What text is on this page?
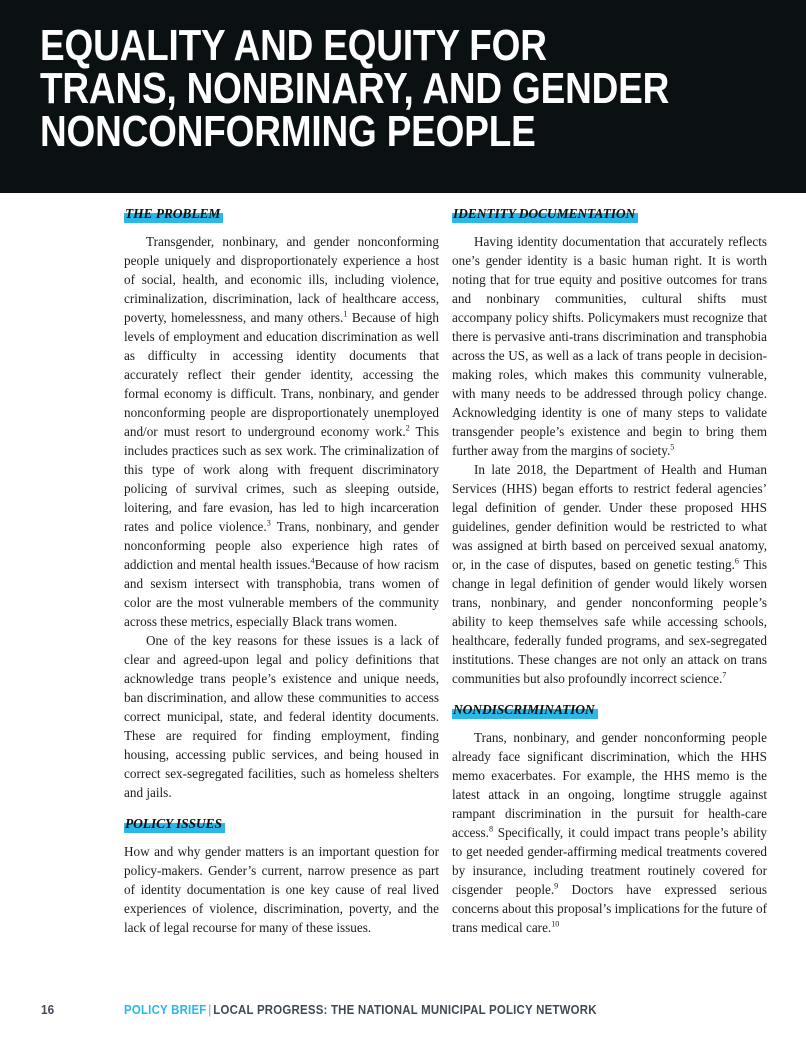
EQUALITY AND EQUITY FOR
TRANS, NONBINARY, AND GENDER
NONCONFORMING PEOPLE
THE PROBLEM

Transgender, nonbinary, and gender nonconforming people uniquely and disproportionately experience a host of social, health, and economic ills, including violence, criminalization, discrimination, lack of healthcare access, poverty, homelessness, and many others.$^1$ Because of high levels of employment and education discrimination as well as difficulty in accessing identity documents that accurately reflect their gender identity, accessing the formal economy is difficult. Trans, nonbinary, and gender nonconforming people are disproportionately unemployed and/or must resort to underground economy work.$^2$ This includes practices such as sex work. The criminalization of this type of work along with frequent discriminatory policing of survival crimes, such as sleeping outside, loitering, and fare evasion, has led to high incarceration rates and police violence.$^3$ Trans, nonbinary, and gender nonconforming people also experience high rates of addiction and mental health issues.$^4$Because of how racism and sexism intersect with transphobia, trans women of color are the most vulnerable members of the community across these metrics, especially Black trans women.

One of the key reasons for these issues is a lack of clear and agreed-upon legal and policy definitions that acknowledge trans people’s existence and unique needs, ban discrimination, and allow these communities to access correct municipal, state, and federal identity documents. These are required for finding employment, finding housing, accessing public services, and being housed in correct sex-segregated facilities, such as homeless shelters and jails.

POLICY ISSUES

How and why gender matters is an important question for policy-makers. Gender’s current, narrow presence as part of identity documentation is one key cause of real lived experiences of violence, discrimination, poverty, and the lack of legal recourse for many of these issues.

IDENTITY DOCUMENTATION

Having identity documentation that accurately reflects one’s gender identity is a basic human right. It is worth noting that for true equity and positive outcomes for trans and nonbinary communities, cultural shifts must accompany policy shifts. Policymakers must recognize that there is pervasive anti-trans discrimination and transphobia across the US, as well as a lack of trans people in decision-making roles, which makes this community vulnerable, with many needs to be addressed through policy change. Acknowledging identity is one of many steps to validate transgender people’s existence and begin to bring them further away from the margins of society.$^5$

In late 2018, the Department of Health and Human Services (HHS) began efforts to restrict federal agencies’ legal definition of gender. Under these proposed HHS guidelines, gender definition would be restricted to what was assigned at birth based on perceived sexual anatomy, or, in the case of disputes, based on genetic testing.$^6$ This change in legal definition of gender would likely worsen trans, nonbinary, and gender nonconforming people’s ability to keep themselves safe while accessing schools, healthcare, federally funded programs, and sex-segregated institutions. These changes are not only an attack on trans communities but also profoundly incorrect science.$^7$

NONDISCRIMINATION

Trans, nonbinary, and gender nonconforming people already face significant discrimination, which the HHS memo exacerbates. For example, the HHS memo is the latest attack in an ongoing, longtime struggle against rampant discrimination in the pursuit for health-care access.$^8$ Specifically, it could impact trans people’s ability to get needed gender-affirming medical treatments covered by insurance, including treatment routinely covered for cisgender people.$^9$ Doctors have expressed serious concerns about this proposal’s implications for the future of trans medical care.$^{10}$

16	POLICY BRIEF | LOCAL PROGRESS: THE NATIONAL MUNICIPAL POLICY NETWORK
